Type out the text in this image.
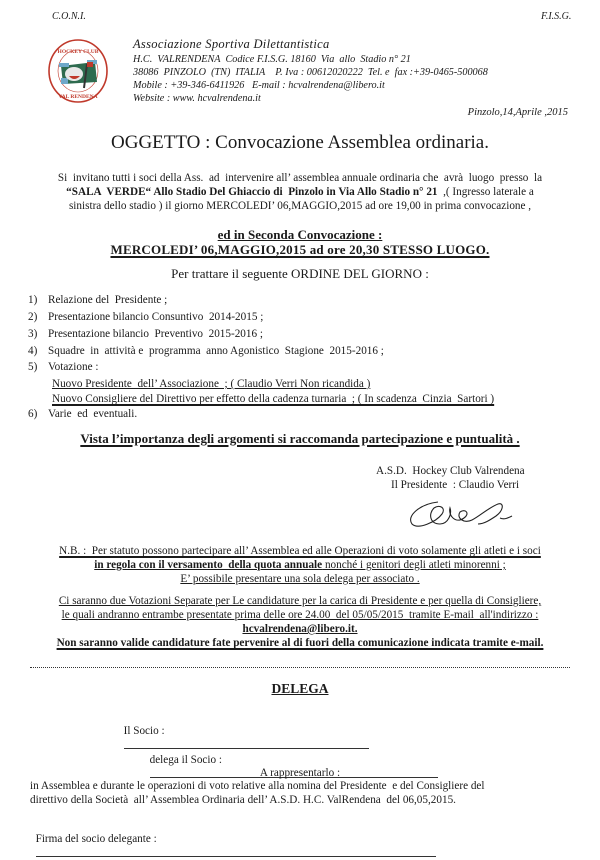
C.O.N.I.	F.I.S.G.
HOCKEY CLUB
VAL RENDENA
Associazione Sportiva Dilettantistica
H.C.  VALRENDENA  Codice F.I.S.G. 18160  Via  allo  Stadio n° 21
38086  PINZOLO  (TN)  ITALIA    P. Iva : 00612020222  Tel. e  fax :+39-0465-500068
Mobile : +39-346-6411926   E-mail : hcvalrendena@libero.it
Website : www. hcvalrendena.it
Pinzolo,14,Aprile ,2015
OGGETTO : Convocazione Assemblea ordinaria.
Si  invitano tutti i soci della Ass.  ad  intervenire all’ assemblea annuale ordinaria che  avrà  luogo  presso  la
“SALA  VERDE“ Allo Stadio Del Ghiaccio di  Pinzolo in Via Allo Stadio n° 21  ,( Ingresso laterale a
sinistra dello stadio ) il giorno MERCOLEDI’ 06,MAGGIO,2015 ad ore 19,00 in prima convocazione ,
ed in Seconda Convocazione :
MERCOLEDI’ 06,MAGGIO,2015 ad ore 20,30 STESSO LUOGO.
Per trattare il seguente ORDINE DEL GIORNO :
1) Relazione del  Presidente ;
2) Presentazione bilancio Consuntivo  2014-2015 ;
3) Presentazione bilancio  Preventivo  2015-2016 ;
4) Squadre  in  attività e  programma  anno Agonistico  Stagione  2015-2016 ;
5) Votazione :
Nuovo Presidente  dell’ Associazione  ; ( Claudio Verri Non ricandida )
Nuovo Consigliere del Direttivo per effetto della cadenza turnaria  ; ( In scadenza  Cinzia  Sartori )
6) Varie  ed  eventuali.
Vista l’importanza degli argomenti si raccomanda partecipazione e puntualità .
A.S.D.  Hockey Club Valrendena
Il Presidente  : Claudio Verri
N.B. :  Per statuto possono partecipare all’ Assemblea ed alle Operazioni di voto solamente gli atleti e i soci
in regola con il versamento  della quota annuale nonché i genitori degli atleti minorenni ;
E’ possibile presentare una sola delega per associato .
Ci saranno due Votazioni Separate per Le candidature per la carica di Presidente e per quella di Consigliere,
le quali andranno entrambe presentate prima delle ore 24.00  del 05/05/2015  tramite E-mail  all'indirizzo :
hcvalrendena@libero.it.
Non saranno valide candidature fate pervenire al di fuori della comunicazione indicata tramite e-mail.
DELEGA

Il Socio :

delega il Socio :

A rappresentarlo :
in Assemblea e durante le operazioni di voto relative alla nomina del Presidente  e del Consigliere del
direttivo della Società  all’ Assemblea Ordinaria dell’ A.S.D. H.C. ValRendena  del 06,05,2015.

Firma del socio delegante :
